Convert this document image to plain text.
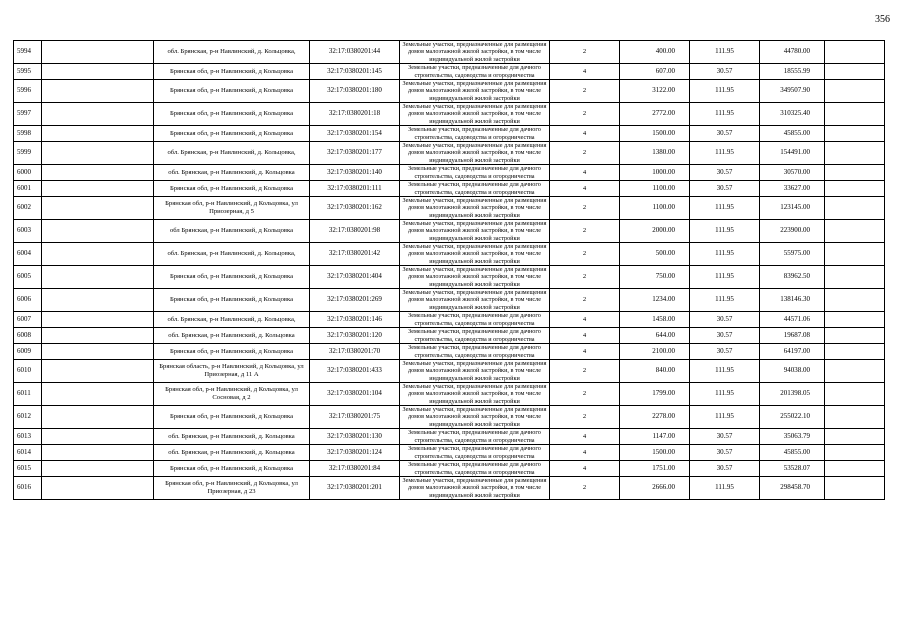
356
5994		обл. Брянская, р-н Навлинский, д. Кольцовка,	32:17:0380201:44	Земельные участки, предназначенные для размещения домов малоэтажной жилой застройки, в том числе индивидуальной жилой застройки	2	400.00	111.95	44780.00	
5995		Брянская обл, р-н Навлинский, д Кольцовка	32:17:0380201:145	Земельные участки, предназначенные для дачного строительства, садоводства и огородничества	4	607.00	30.57	18555.99	
5996		Брянская обл, р-н Навлинский, д Кольцовка	32:17:0380201:180	Земельные участки, предназначенные для размещения домов малоэтажной жилой застройки, в том числе индивидуальной жилой застройки	2	3122.00	111.95	349507.90	
5997		Брянская обл, р-н Навлинский, д Кольцовка	32:17:0380201:18	Земельные участки, предназначенные для размещения домов малоэтажной жилой застройки, в том числе индивидуальной жилой застройки	2	2772.00	111.95	310325.40	
5998		Брянская обл, р-н Навлинский, д Кольцовка	32:17:0380201:154	Земельные участки, предназначенные для дачного строительства, садоводства и огородничества	4	1500.00	30.57	45855.00	
5999		обл. Брянская, р-н Навлинский, д. Кольцовка,	32:17:0380201:177	Земельные участки, предназначенные для размещения домов малоэтажной жилой застройки, в том числе индивидуальной жилой застройки	2	1380.00	111.95	154491.00	
6000		обл. Брянская, р-н Навлинский, д. Кольцовка	32:17:0380201:140	Земельные участки, предназначенные для дачного строительства, садоводства и огородничества	4	1000.00	30.57	30570.00	
6001		Брянская обл, р-н Навлинский, д Кольцовка	32:17:0380201:111	Земельные участки, предназначенные для дачного строительства, садоводства и огородничества	4	1100.00	30.57	33627.00	
6002		Брянская обл, р-н Навлинский, д Кольцовка, ул Приозерная, д 5	32:17:0380201:162	Земельные участки, предназначенные для размещения домов малоэтажной жилой застройки, в том числе индивидуальной жилой застройки	2	1100.00	111.95	123145.00	
6003		обл Брянская, р-н Навлинский, д Кольцовка	32:17:0380201:98	Земельные участки, предназначенные для размещения домов малоэтажной жилой застройки, в том числе индивидуальной жилой застройки	2	2000.00	111.95	223900.00	
6004		обл. Брянская, р-н Навлинский, д. Кольцовка,	32:17:0380201:42	Земельные участки, предназначенные для размещения домов малоэтажной жилой застройки, в том числе индивидуальной жилой застройки	2	500.00	111.95	55975.00	
6005		Брянская обл, р-н Навлинский, д Кольцовка	32:17:0380201:404	Земельные участки, предназначенные для размещения домов малоэтажной жилой застройки, в том числе индивидуальной жилой застройки	2	750.00	111.95	83962.50	
6006		Брянская обл, р-н Навлинский, д Кольцовка	32:17:0380201:269	Земельные участки, предназначенные для размещения домов малоэтажной жилой застройки, в том числе индивидуальной жилой застройки	2	1234.00	111.95	138146.30	
6007		обл. Брянская, р-н Навлинский, д. Кольцовка,	32:17:0380201:146	Земельные участки, предназначенные для дачного строительства, садоводства и огородничества	4	1458.00	30.57	44571.06	
6008		обл. Брянская, р-н Навлинский, д. Кольцовка	32:17:0380201:120	Земельные участки, предназначенные для дачного строительства, садоводства и огородничества	4	644.00	30.57	19687.08	
6009		Брянская обл, р-н Навлинский, д Кольцовка	32:17:0380201:70	Земельные участки, предназначенные для дачного строительства, садоводства и огородничества	4	2100.00	30.57	64197.00	
6010		Брянская область, р-н Навлинский, д Кольцовка, ул Приозерная, д 11 А	32:17:0380201:433	Земельные участки, предназначенные для размещения домов малоэтажной жилой застройки, в том числе индивидуальной жилой застройки	2	840.00	111.95	94038.00	
6011		Брянская обл, р-н Навлинский, д Кольцовка, ул Сосновая, д 2	32:17:0380201:104	Земельные участки, предназначенные для размещения домов малоэтажной жилой застройки, в том числе индивидуальной жилой застройки	2	1799.00	111.95	201398.05	
6012		Брянская обл, р-н Навлинский, д Кольцовка	32:17:0380201:75	Земельные участки, предназначенные для размещения домов малоэтажной жилой застройки, в том числе индивидуальной жилой застройки	2	2278.00	111.95	255022.10	
6013		обл. Брянская, р-н Навлинский, д. Кольцовка	32:17:0380201:130	Земельные участки, предназначенные для дачного строительства, садоводства и огородничества	4	1147.00	30.57	35063.79	
6014		обл. Брянская, р-н Навлинский, д. Кольцовка	32:17:0380201:124	Земельные участки, предназначенные для дачного строительства, садоводства и огородничества	4	1500.00	30.57	45855.00	
6015		Брянская обл, р-н Навлинский, д Кольцовка	32:17:0380201:84	Земельные участки, предназначенные для дачного строительства, садоводства и огородничества	4	1751.00	30.57	53528.07	
6016		Брянская обл, р-н Навлинский, д Кольцовка, ул Приозерная, д 23	32:17:0380201:201	Земельные участки, предназначенные для размещения домов малоэтажной жилой застройки, в том числе индивидуальной жилой застройки	2	2666.00	111.95	298458.70	
